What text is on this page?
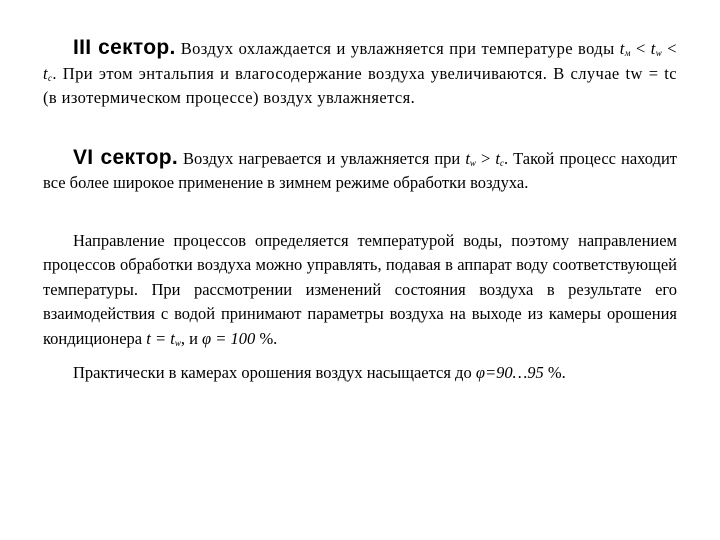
III сектор. Воздух охлаждается и увлажняется при температуре воды $t_м < t_w < t_c$. При этом энтальпия и влагосодержание воздуха увеличиваются. В случае tw = tc (в изотермическом процессе) воздух увлажняется.

VI сектор. Воздух нагревается и увлажняется при $t_w > t_c$. Такой процесс находит все более широкое применение в зимнем режиме обработки воздуха.

Направление процессов определяется температурой воды, поэтому направлением процессов обработки воздуха можно управлять, подавая в аппарат воду соответствующей температуры. При рассмотрении изменений состояния воздуха в результате его взаимодействия с водой принимают параметры воздуха на выходе из камеры орошения кондиционера $t = t_w$, и φ = 100 %.

Практически в камерах орошения воздух насыщается до φ=90…95 %.
